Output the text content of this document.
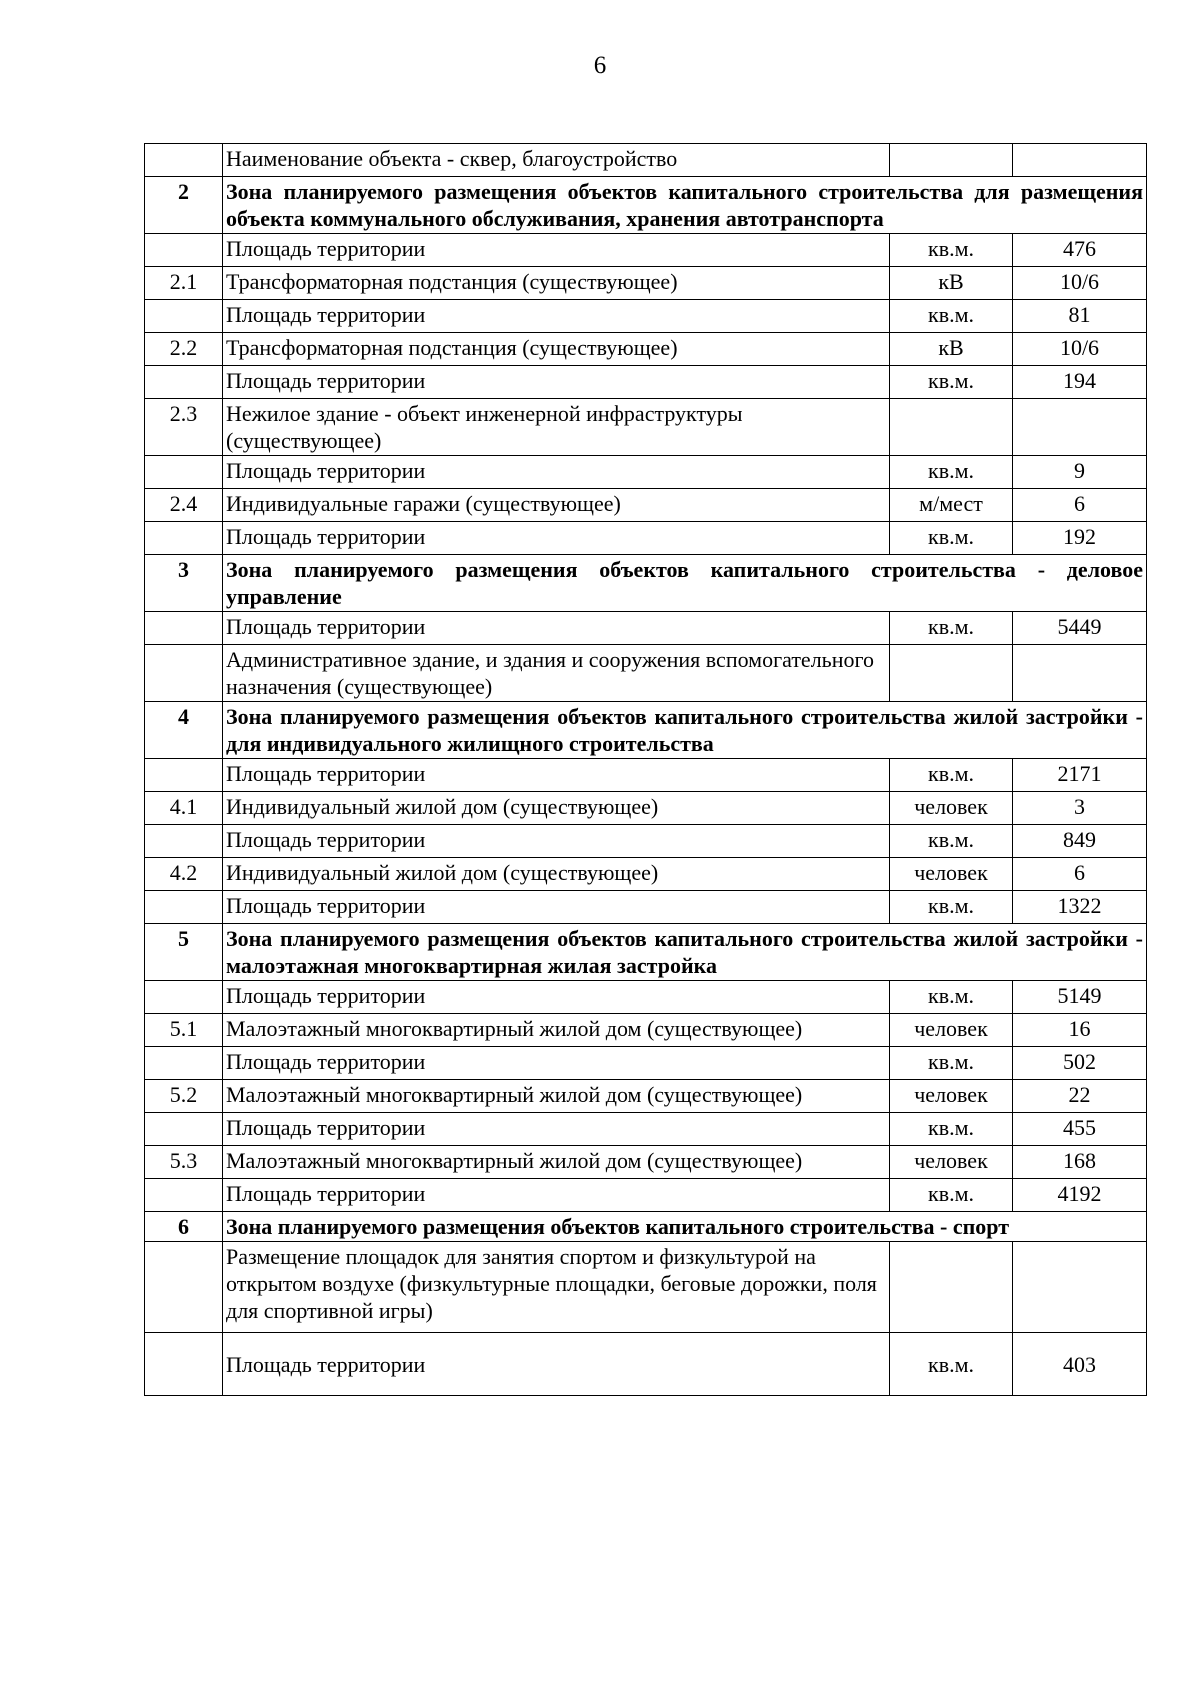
6
	Наименование объекта - сквер, благоустройство		
2	Зона планируемого размещения объектов капитального строительства для размещения объекта коммунального обслуживания, хранения автотранспорта		
	Площадь территории	кв.м.	476
2.1	Трансформаторная подстанция (существующее)	кВ	10/6
	Площадь территории	кв.м.	81
2.2	Трансформаторная подстанция (существующее)	кВ	10/6
	Площадь территории	кв.м.	194
2.3	Нежилое здание - объект инженерной инфраструктуры (существующее)		
	Площадь территории	кв.м.	9
2.4	Индивидуальные гаражи (существующее)	м/мест	6
	Площадь территории	кв.м.	192
3	Зона планируемого размещения объектов капитального строительства - деловое управление		
	Площадь территории	кв.м.	5449
	Административное здание, и здания и сооружения вспомогательного назначения (существующее)		
4	Зона планируемого размещения объектов капитального строительства жилой застройки - для индивидуального жилищного строительства		
	Площадь территории	кв.м.	2171
4.1	Индивидуальный жилой дом (существующее)	человек	3
	Площадь территории	кв.м.	849
4.2	Индивидуальный жилой дом (существующее)	человек	6
	Площадь территории	кв.м.	1322
5	Зона планируемого размещения объектов капитального строительства жилой застройки - малоэтажная многоквартирная жилая застройка		
	Площадь территории	кв.м.	5149
5.1	Малоэтажный многоквартирный жилой дом (существующее)	человек	16
	Площадь территории	кв.м.	502
5.2	Малоэтажный многоквартирный жилой дом (существующее)	человек	22
	Площадь территории	кв.м.	455
5.3	Малоэтажный многоквартирный жилой дом (существующее)	человек	168
	Площадь территории	кв.м.	4192
6	Зона планируемого размещения объектов капитального строительства - спорт		
	Размещение площадок для занятия спортом и физкультурой на открытом воздухе (физкультурные площадки, беговые дорожки, поля для спортивной игры)		
	Площадь территории	кв.м.	403
